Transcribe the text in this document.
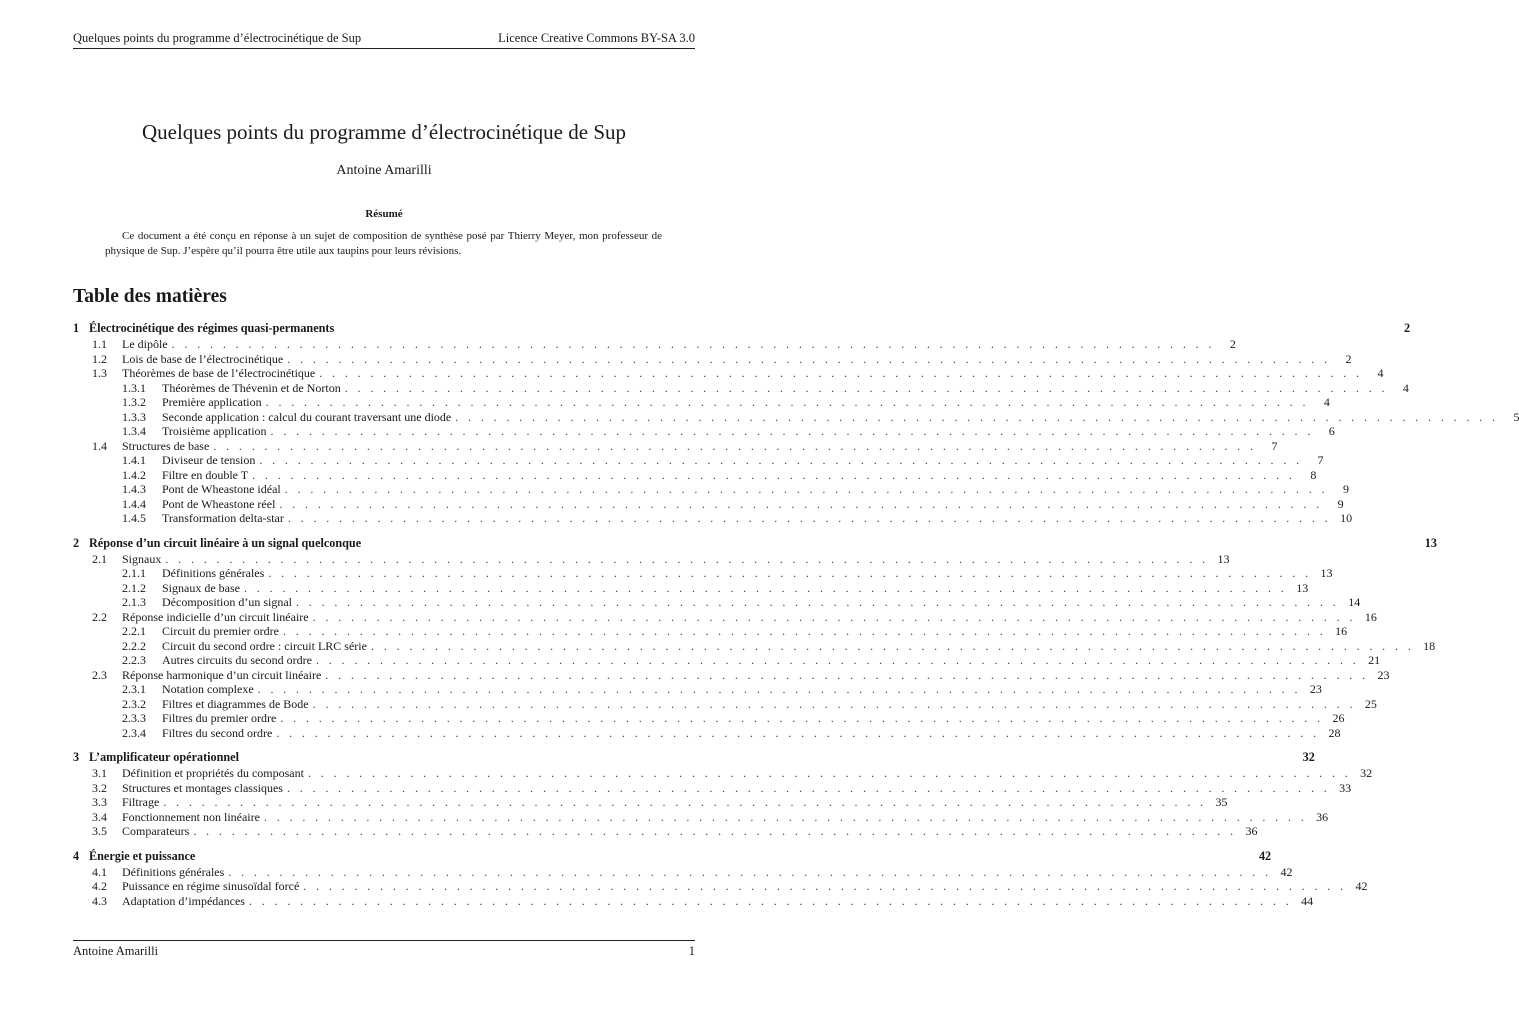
Quelques points du programme d’électrocinétique de Sup	Licence Creative Commons BY-SA 3.0
Quelques points du programme d’électrocinétique de Sup
Antoine Amarilli
Résumé

Ce document a été conçu en réponse à un sujet de composition de synthèse posé par Thierry Meyer, mon professeur de physique de Sup. J’espère qu’il pourra être utile aux taupins pour leurs révisions.

Table des matières
1 Électrocinétique des régimes quasi-permanents	2
1.1	Le dipôle . . . . . . . . . . . . . . . . . . . . . . . . . . . . . . . . . . . . . . . . . . . . . . . . . . . . . . . . . . . . . . . . . . . . . . . . . . . . . . . . . .	2
1.2	Lois de base de l’électrocinétique . . . . . . . . . . . . . . . . . . . . . . . . . . . . . . . . . . . . . . . . . . . . . . . . . . . . . . . . . . . . . . . . . . . . . . . . . . . . . . . . . .	2
1.3	Théorèmes de base de l’électrocinétique . . . . . . . . . . . . . . . . . . . . . . . . . . . . . . . . . . . . . . . . . . . . . . . . . . . . . . . . . . . . . . . . . . . . . . . . . . . . . . . . . .	4
1.3.1	Théorèmes de Thévenin et de Norton . . . . . . . . . . . . . . . . . . . . . . . . . . . . . . . . . . . . . . . . . . . . . . . . . . . . . . . . . . . . . . . . . . . . . . . . . . . . . . . . . .	4
1.3.2	Première application . . . . . . . . . . . . . . . . . . . . . . . . . . . . . . . . . . . . . . . . . . . . . . . . . . . . . . . . . . . . . . . . . . . . . . . . . . . . . . . . . .	4
1.3.3	Seconde application : calcul du courant traversant une diode . . . . . . . . . . . . . . . . . . . . . . . . . . . . . . . . . . . . . . . . . . . . . . . . . . . . . . . . . . . . . . . . . . . . . . . . . . . . . . . . . .	5
1.3.4	Troisième application . . . . . . . . . . . . . . . . . . . . . . . . . . . . . . . . . . . . . . . . . . . . . . . . . . . . . . . . . . . . . . . . . . . . . . . . . . . . . . . . . .	6
1.4	Structures de base . . . . . . . . . . . . . . . . . . . . . . . . . . . . . . . . . . . . . . . . . . . . . . . . . . . . . . . . . . . . . . . . . . . . . . . . . . . . . . . . . .	7
1.4.1	Diviseur de tension . . . . . . . . . . . . . . . . . . . . . . . . . . . . . . . . . . . . . . . . . . . . . . . . . . . . . . . . . . . . . . . . . . . . . . . . . . . . . . . . . .	7
1.4.2	Filtre en double T . . . . . . . . . . . . . . . . . . . . . . . . . . . . . . . . . . . . . . . . . . . . . . . . . . . . . . . . . . . . . . . . . . . . . . . . . . . . . . . . . .	8
1.4.3	Pont de Wheastone idéal . . . . . . . . . . . . . . . . . . . . . . . . . . . . . . . . . . . . . . . . . . . . . . . . . . . . . . . . . . . . . . . . . . . . . . . . . . . . . . . . . .	9
1.4.4	Pont de Wheastone réel . . . . . . . . . . . . . . . . . . . . . . . . . . . . . . . . . . . . . . . . . . . . . . . . . . . . . . . . . . . . . . . . . . . . . . . . . . . . . . . . . .	9
1.4.5	Transformation delta-star . . . . . . . . . . . . . . . . . . . . . . . . . . . . . . . . . . . . . . . . . . . . . . . . . . . . . . . . . . . . . . . . . . . . . . . . . . . . . . . . . . 10
2 Réponse d’un circuit linéaire à un signal quelconque	13
2.1	Signaux . . . . . . . . . . . . . . . . . . . . . . . . . . . . . . . . . . . . . . . . . . . . . . . . . . . . . . . . . . . . . . . . . . . . . . . . . . . . . . . . . . 13
2.1.1	Définitions générales . . . . . . . . . . . . . . . . . . . . . . . . . . . . . . . . . . . . . . . . . . . . . . . . . . . . . . . . . . . . . . . . . . . . . . . . . . . . . . . . . . 13
2.1.2	Signaux de base . . . . . . . . . . . . . . . . . . . . . . . . . . . . . . . . . . . . . . . . . . . . . . . . . . . . . . . . . . . . . . . . . . . . . . . . . . . . . . . . . . 13
2.1.3	Décomposition d’un signal . . . . . . . . . . . . . . . . . . . . . . . . . . . . . . . . . . . . . . . . . . . . . . . . . . . . . . . . . . . . . . . . . . . . . . . . . . . . . . . . . . 14
2.2	Réponse indicielle d’un circuit linéaire . . . . . . . . . . . . . . . . . . . . . . . . . . . . . . . . . . . . . . . . . . . . . . . . . . . . . . . . . . . . . . . . . . . . . . . . . . . . . . . . . . 16
2.2.1	Circuit du premier ordre . . . . . . . . . . . . . . . . . . . . . . . . . . . . . . . . . . . . . . . . . . . . . . . . . . . . . . . . . . . . . . . . . . . . . . . . . . . . . . . . . . 16
2.2.2	Circuit du second ordre : circuit LRC série . . . . . . . . . . . . . . . . . . . . . . . . . . . . . . . . . . . . . . . . . . . . . . . . . . . . . . . . . . . . . . . . . . . . . . . . . . . . . . . . . . 18
2.2.3	Autres circuits du second ordre . . . . . . . . . . . . . . . . . . . . . . . . . . . . . . . . . . . . . . . . . . . . . . . . . . . . . . . . . . . . . . . . . . . . . . . . . . . . . . . . . . 21
2.3	Réponse harmonique d’un circuit linéaire . . . . . . . . . . . . . . . . . . . . . . . . . . . . . . . . . . . . . . . . . . . . . . . . . . . . . . . . . . . . . . . . . . . . . . . . . . . . . . . . . . 23
2.3.1	Notation complexe . . . . . . . . . . . . . . . . . . . . . . . . . . . . . . . . . . . . . . . . . . . . . . . . . . . . . . . . . . . . . . . . . . . . . . . . . . . . . . . . . . 23
2.3.2	Filtres et diagrammes de Bode . . . . . . . . . . . . . . . . . . . . . . . . . . . . . . . . . . . . . . . . . . . . . . . . . . . . . . . . . . . . . . . . . . . . . . . . . . . . . . . . . . 25
2.3.3	Filtres du premier ordre . . . . . . . . . . . . . . . . . . . . . . . . . . . . . . . . . . . . . . . . . . . . . . . . . . . . . . . . . . . . . . . . . . . . . . . . . . . . . . . . . . 26
2.3.4	Filtres du second ordre . . . . . . . . . . . . . . . . . . . . . . . . . . . . . . . . . . . . . . . . . . . . . . . . . . . . . . . . . . . . . . . . . . . . . . . . . . . . . . . . . . 28
3 L’amplificateur opérationnel	32
3.1	Définition et propriétés du composant . . . . . . . . . . . . . . . . . . . . . . . . . . . . . . . . . . . . . . . . . . . . . . . . . . . . . . . . . . . . . . . . . . . . . . . . . . . . . . . . . . 32
3.2	Structures et montages classiques . . . . . . . . . . . . . . . . . . . . . . . . . . . . . . . . . . . . . . . . . . . . . . . . . . . . . . . . . . . . . . . . . . . . . . . . . . . . . . . . . . 33
3.3	Filtrage . . . . . . . . . . . . . . . . . . . . . . . . . . . . . . . . . . . . . . . . . . . . . . . . . . . . . . . . . . . . . . . . . . . . . . . . . . . . . . . . . . 35
3.4	Fonctionnement non linéaire . . . . . . . . . . . . . . . . . . . . . . . . . . . . . . . . . . . . . . . . . . . . . . . . . . . . . . . . . . . . . . . . . . . . . . . . . . . . . . . . . . 36
3.5	Comparateurs . . . . . . . . . . . . . . . . . . . . . . . . . . . . . . . . . . . . . . . . . . . . . . . . . . . . . . . . . . . . . . . . . . . . . . . . . . . . . . . . . . 36
4 Énergie et puissance	42
4.1	Définitions générales . . . . . . . . . . . . . . . . . . . . . . . . . . . . . . . . . . . . . . . . . . . . . . . . . . . . . . . . . . . . . . . . . . . . . . . . . . . . . . . . . . 42
4.2	Puissance en régime sinusoïdal forcé . . . . . . . . . . . . . . . . . . . . . . . . . . . . . . . . . . . . . . . . . . . . . . . . . . . . . . . . . . . . . . . . . . . . . . . . . . . . . . . . . . 42
4.3	Adaptation d’impédances . . . . . . . . . . . . . . . . . . . . . . . . . . . . . . . . . . . . . . . . . . . . . . . . . . . . . . . . . . . . . . . . . . . . . . . . . . . . . . . . . . 44
Antoine Amarilli	1
